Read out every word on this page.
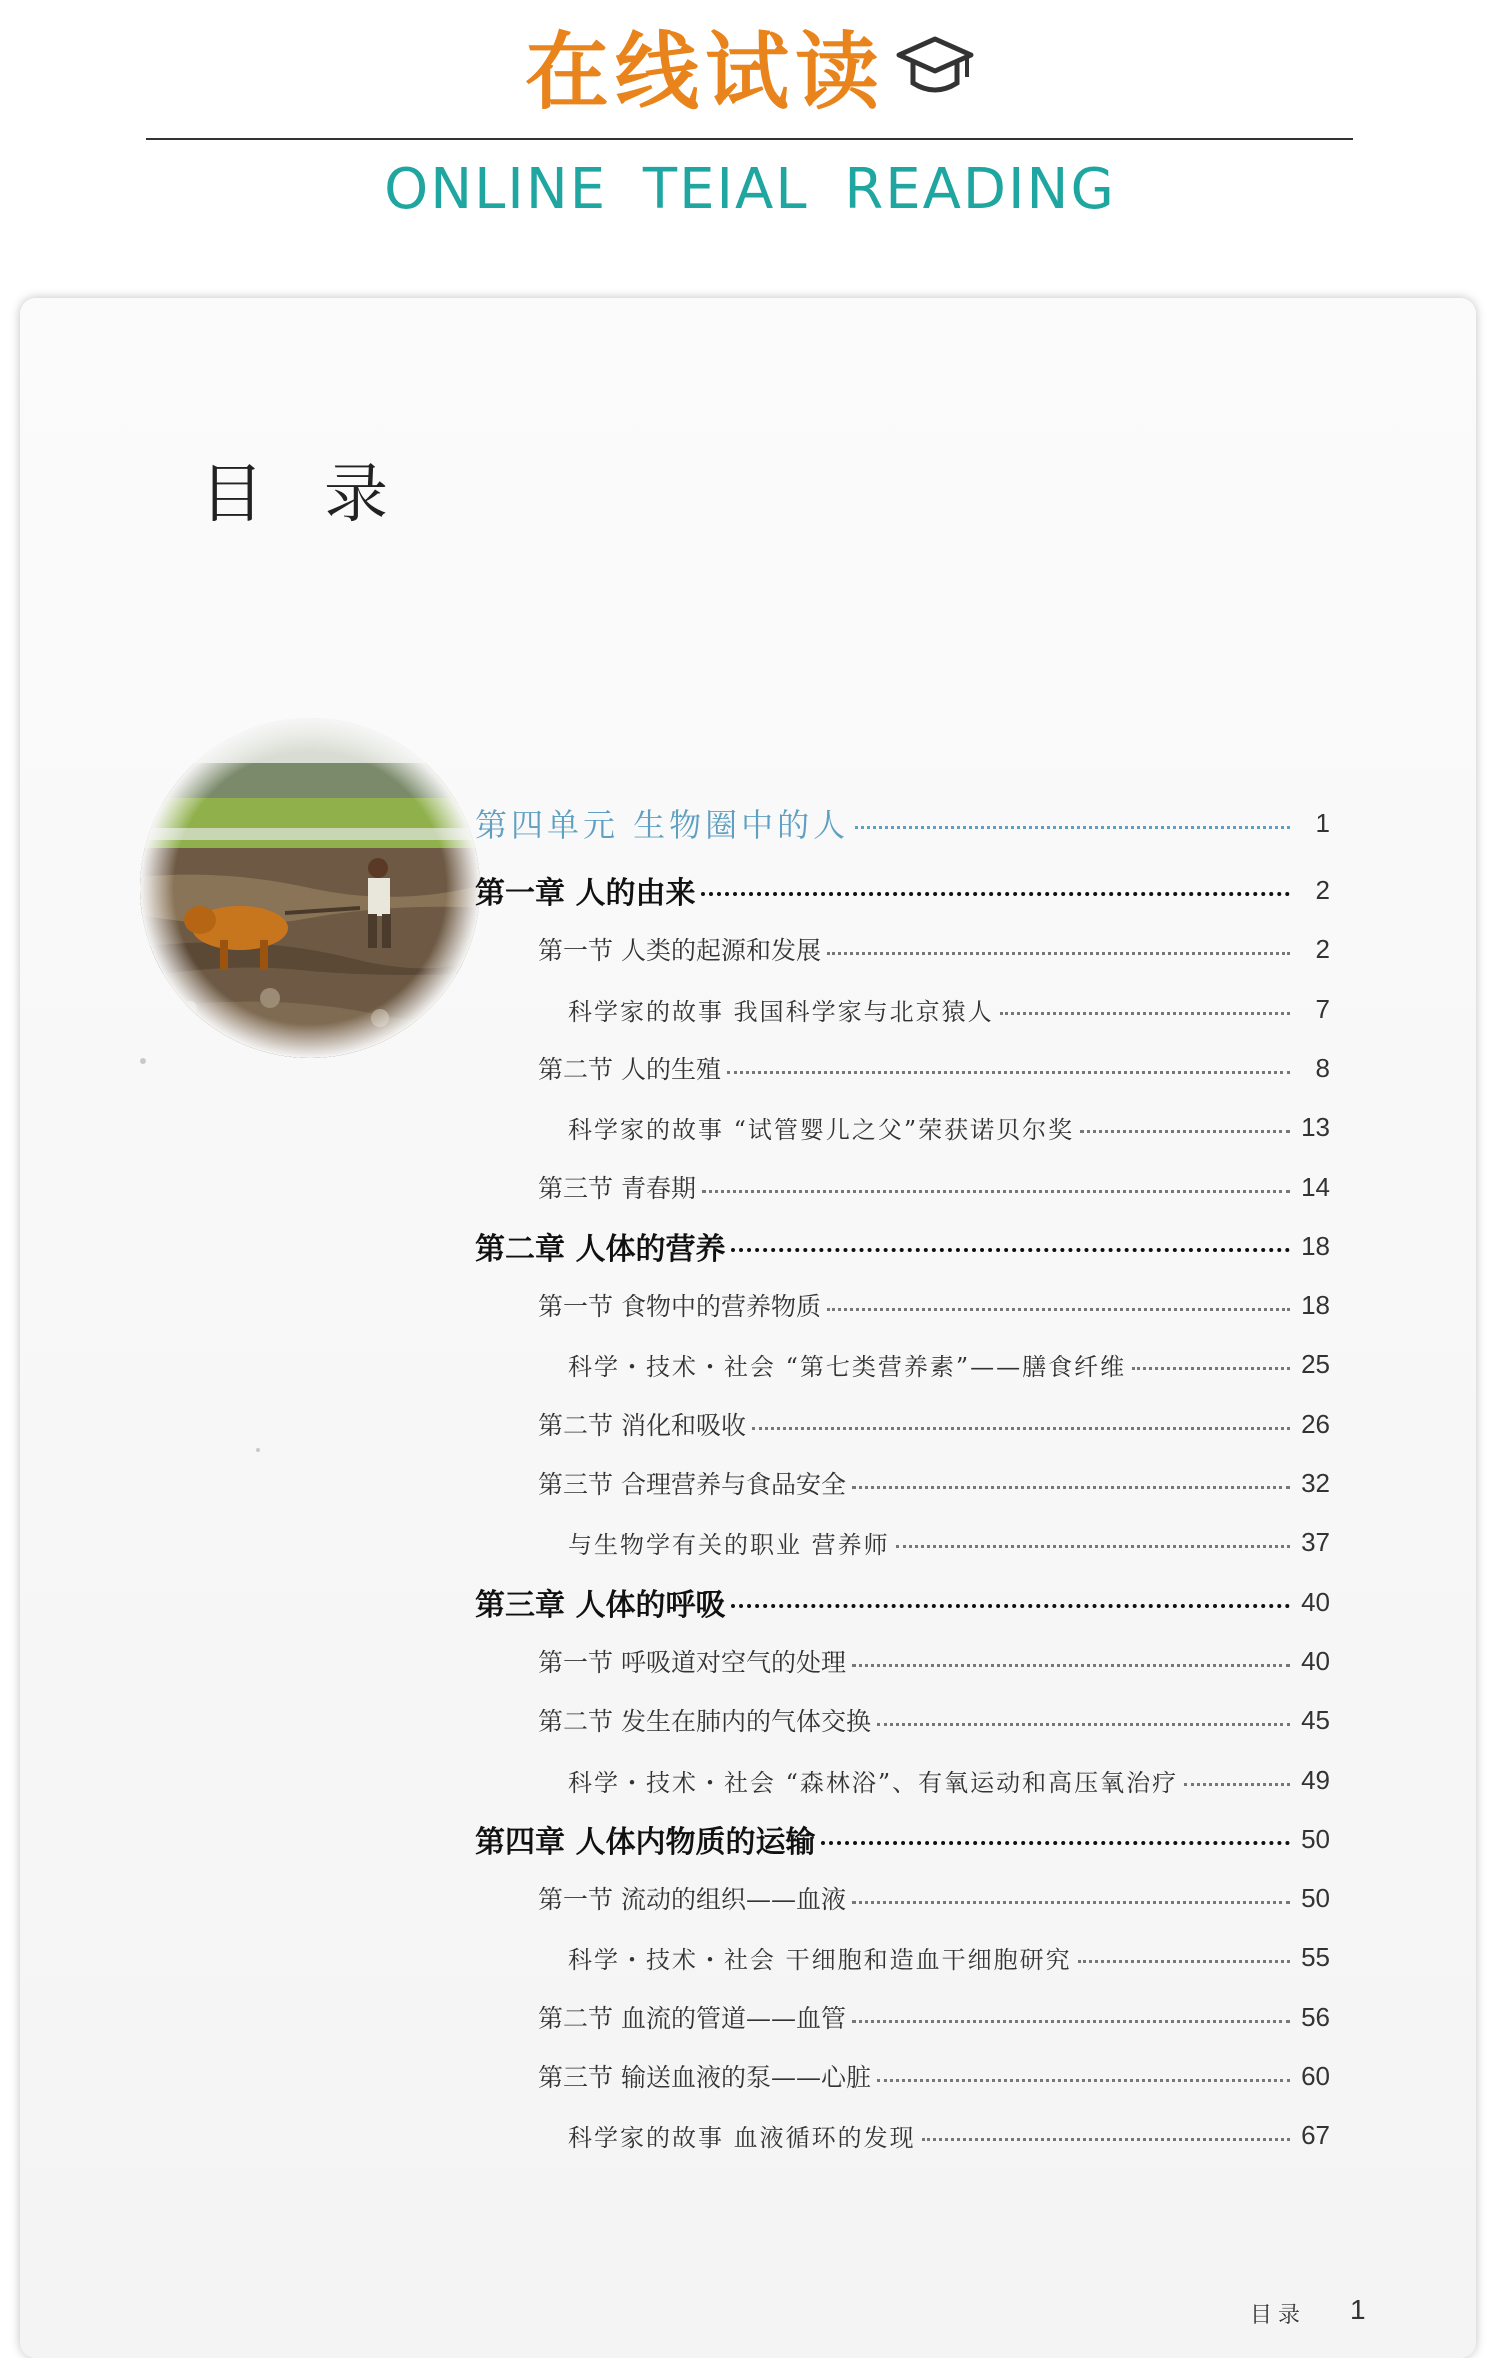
在线试读
ONLINE TEIAL READING
目录
第四单元 生物圈中的人	1
第一章 人的由来	2
第一节 人类的起源和发展	2
科学家的故事 我国科学家与北京猿人	7
第二节 人的生殖	8
科学家的故事 “试管婴儿之父”荣获诺贝尔奖	13
第三节 青春期	14
第二章 人体的营养	18
第一节 食物中的营养物质	18
科学・技术・社会 “第七类营养素”——膳食纤维	25
第二节 消化和吸收	26
第三节 合理营养与食品安全	32
与生物学有关的职业 营养师	37
第三章 人体的呼吸	40
第一节 呼吸道对空气的处理	40
第二节 发生在肺内的气体交换	45
科学・技术・社会 “森林浴”、有氧运动和高压氧治疗	49
第四章 人体内物质的运输	50
第一节 流动的组织——血液	50
科学・技术・社会 干细胞和造血干细胞研究	55
第二节 血流的管道——血管	56
第三节 输送血液的泵——心脏	60
科学家的故事 血液循环的发现	67
目录 1
